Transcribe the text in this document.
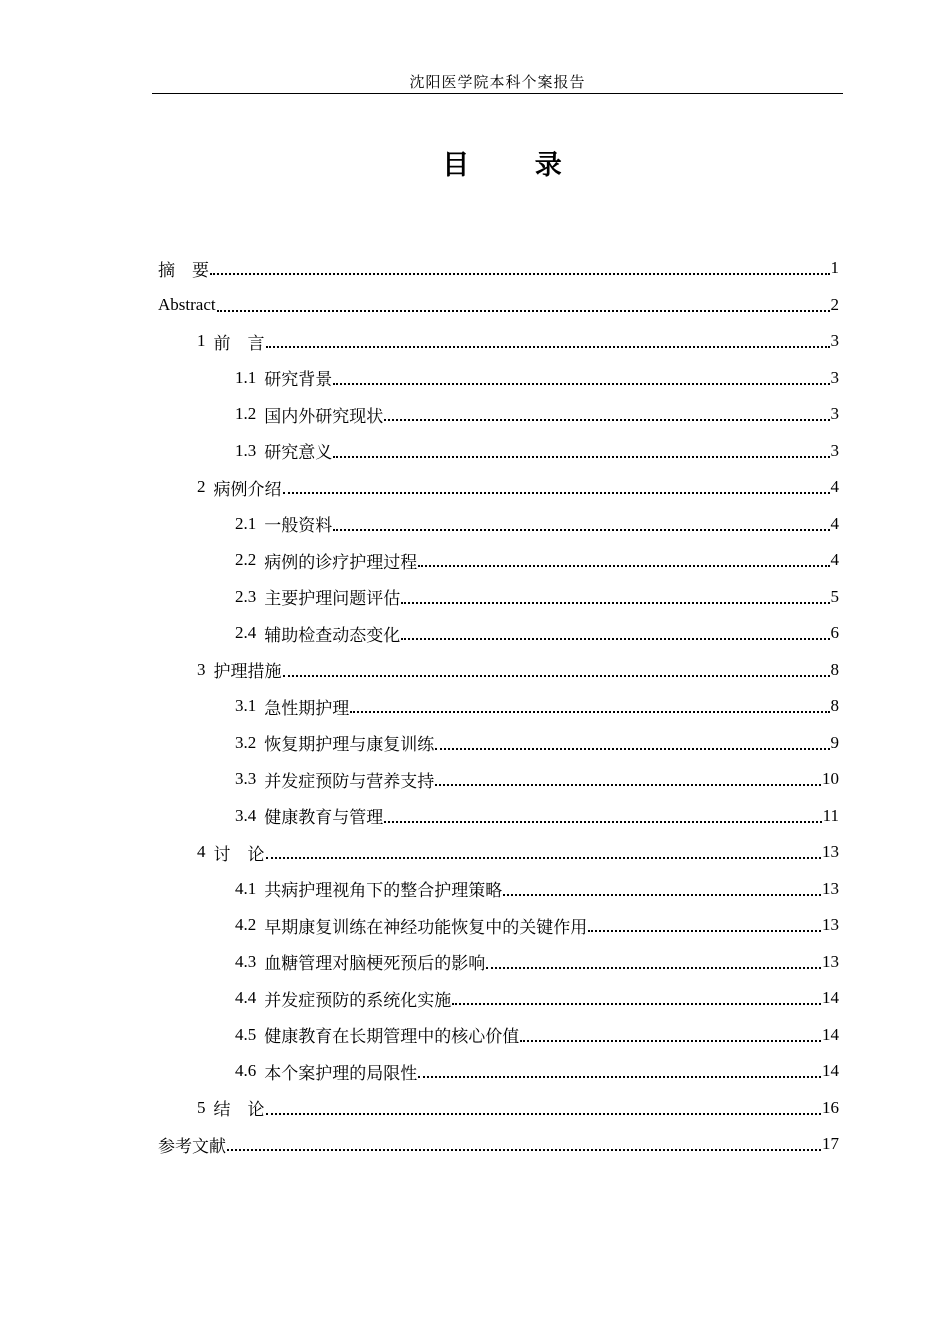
沈阳医学院本科个案报告
目 录
摘    要	1
Abstract	2
1 前    言	3
1.1 研究背景	3
1.2 国内外研究现状	3
1.3 研究意义	3
2 病例介绍	4
2.1 一般资料	4
2.2 病例的诊疗护理过程	4
2.3 主要护理问题评估	5
2.4 辅助检查动态变化	6
3 护理措施	8
3.1 急性期护理	8
3.2 恢复期护理与康复训练	9
3.3 并发症预防与营养支持	10
3.4 健康教育与管理	11
4 讨    论	13
4.1 共病护理视角下的整合护理策略	13
4.2 早期康复训练在神经功能恢复中的关键作用	13
4.3 血糖管理对脑梗死预后的影响	13
4.4 并发症预防的系统化实施	14
4.5 健康教育在长期管理中的核心价值	14
4.6 本个案护理的局限性	14
5 结    论	16
参考文献	17
